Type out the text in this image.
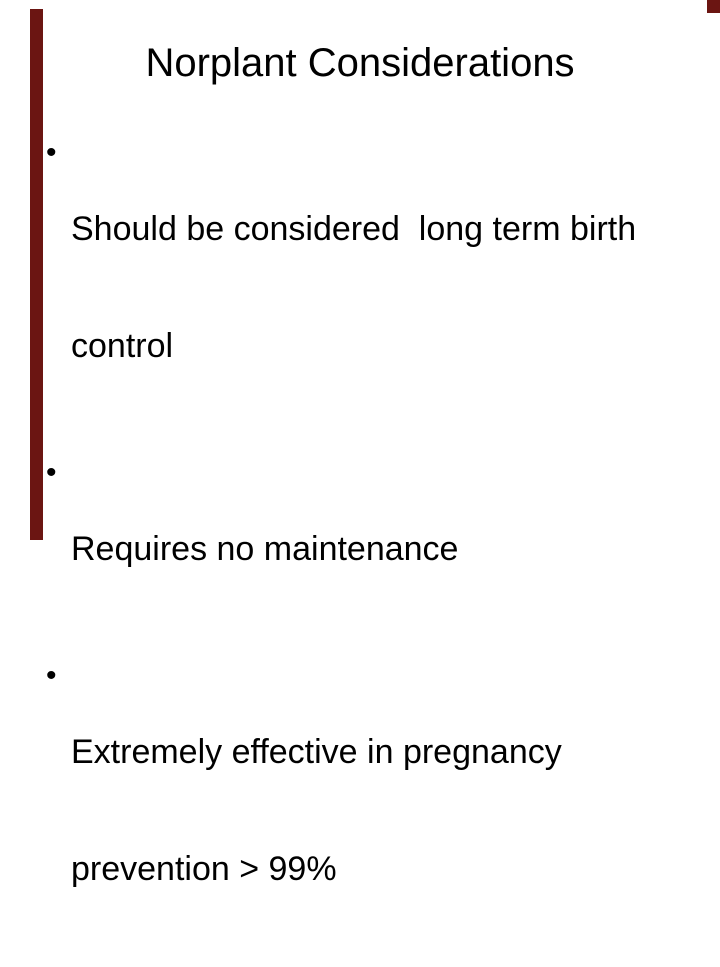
Norplant Considerations
•

Should be considered  long term birth

control

•

Requires no maintenance

•

Extremely effective in pregnancy

prevention > 99%
